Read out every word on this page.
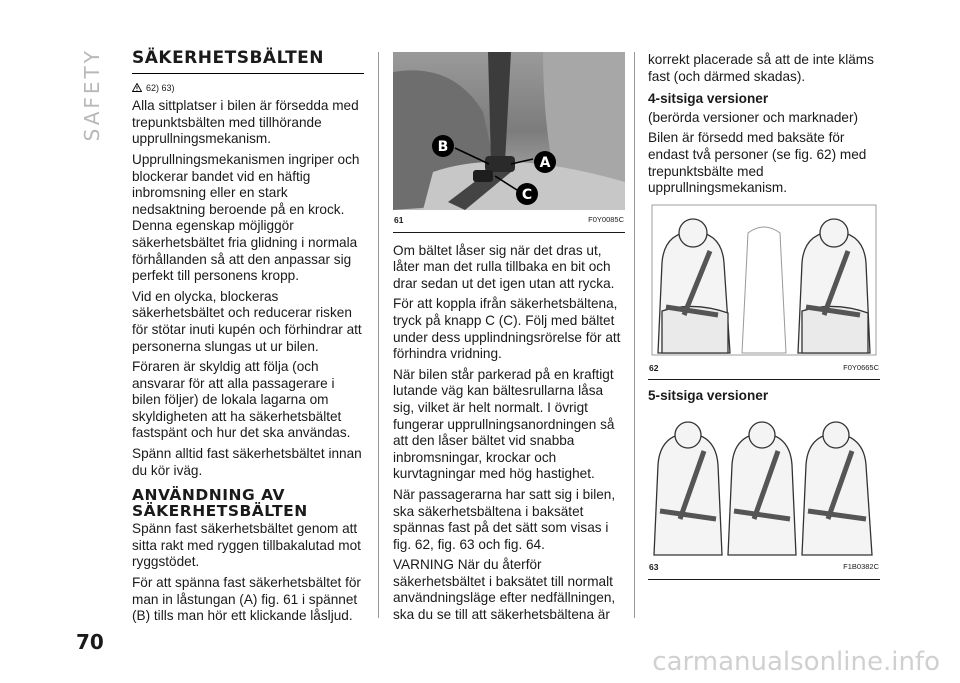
SAFETY
70
SÄKERHETSBÄLTEN
62) 63)

Alla sittplatser i bilen är försedda med trepunktsbälten med tillhörande upprullningsmekanism.

Upprullningsmekanismen ingriper och blockerar bandet vid en häftig inbromsning eller en stark nedsaktning beroende på en krock. Denna egenskap möjliggör säkerhetsbältet fria glidning i normala förhållanden så att den anpassar sig perfekt till personens kropp.

Vid en olycka, blockeras säkerhetsbältet och reducerar risken för stötar inuti kupén och förhindrar att personerna slungas ut ur bilen.

Föraren är skyldig att följa (och ansvarar för att alla passagerare i bilen följer) de lokala lagarna om skyldigheten att ha säkerhetsbältet fastspänt och hur det ska användas.

Spänn alltid fast säkerhetsbältet innan du kör iväg.

ANVÄNDNING AV SÄKERHETSBÄLTEN

Spänn fast säkerhetsbältet genom att sitta rakt med ryggen tillbakalutad mot ryggstödet.

För att spänna fast säkerhetsbältet för man in låstungan (A) fig. 61 i spännet (B) tills man hör ett klickande låsljud.

B
A
C
61	F0Y0085C

Om bältet låser sig när det dras ut, låter man det rulla tillbaka en bit och drar sedan ut det igen utan att rycka.

För att koppla ifrån säkerhetsbältena, tryck på knapp C (C). Följ med bältet under dess upplindningsrörelse för att förhindra vridning.

När bilen står parkerad på en kraftigt lutande väg kan bältesrullarna låsa sig, vilket är helt normalt. I övrigt fungerar upprullningsanordningen så att den låser bältet vid snabba inbromsningar, krockar och kurvtagningar med hög hastighet.

När passagerarna har satt sig i bilen, ska säkerhetsbältena i baksätet spännas fast på det sätt som visas i fig. 62, fig. 63 och fig. 64.

VARNING När du återför säkerhetsbältet i baksätet till normalt användningsläge efter nedfällningen, ska du se till att säkerhetsbältena är

korrekt placerade så att de inte kläms fast (och därmed skadas).

4-sitsiga versioner

(berörda versioner och marknader)

Bilen är försedd med baksäte för endast två personer (se fig. 62) med trepunktsbälte med upprullningsmekanism.

62	F0Y0665C
5-sitsiga versioner
63	F1B0382C
carmanualsonline.info
